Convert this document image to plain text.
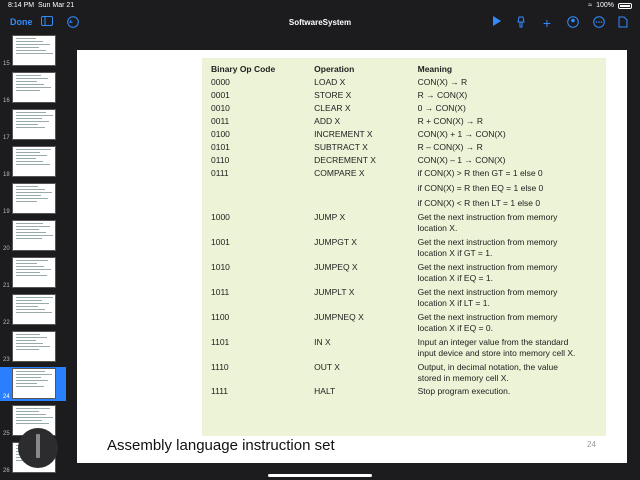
8:14 PM Sun Mar 21	≈ 100%
Done	SoftwareSystem	+
15
16
17
18
19
20
21
22
23
24
25
26
Binary Op Code	Operation	Meaning
0000	LOAD X	CON(X) → R

0001	STORE X	R → CON(X)

0010	CLEAR X	0 → CON(X)

0011	ADD X	R + CON(X) → R

0100	INCREMENT X	CON(X) + 1 → CON(X)

0101	SUBTRACT X	R – CON(X) → R

0110	DECREMENT X	CON(X) – 1 → CON(X)

0111	COMPARE X	if CON(X) > R then GT = 1 else 0
if CON(X) = R then EQ = 1 else 0
if CON(X) < R then LT = 1 else 0

1000	JUMP X	Get the next instruction from memory
location X.

1001	JUMPGT X	Get the next instruction from memory
location X if GT = 1.

1010	JUMPEQ X	Get the next instruction from memory
location X if EQ = 1.

1011	JUMPLT X	Get the next instruction from memory
location X if LT = 1.

1100	JUMPNEQ X	Get the next instruction from memory
location X if EQ = 0.

1101	IN X	Input an integer value from the standard
input device and store into memory cell X.

1110	OUT X	Output, in decimal notation, the value
stored in memory cell X.

1111	HALT	Stop program execution.
Assembly language instruction set	24
